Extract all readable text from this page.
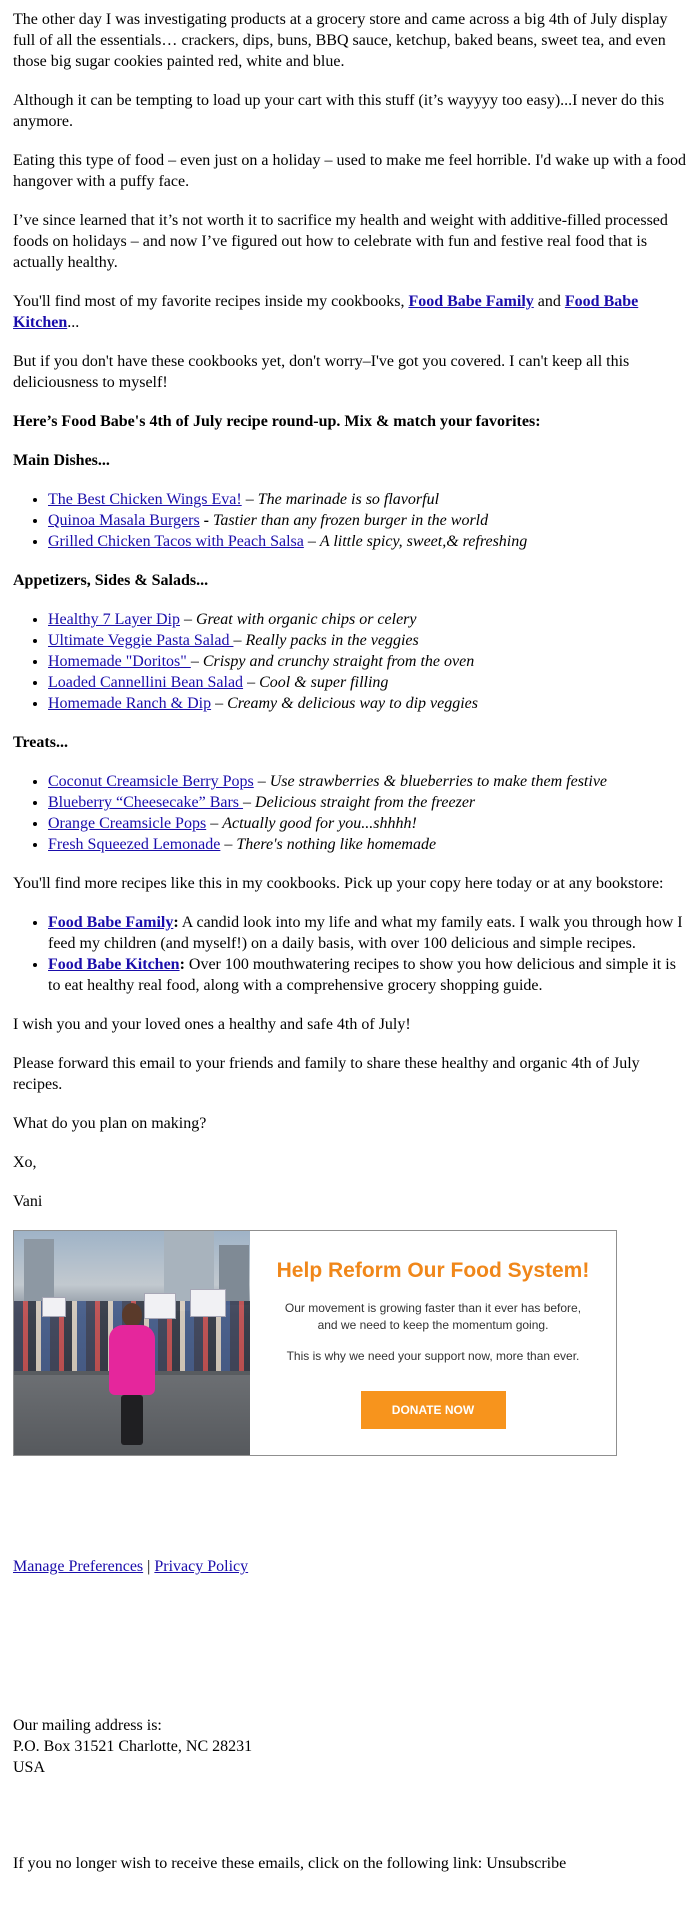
The other day I was investigating products at a grocery store and came across a big 4th of July display full of all the essentials… crackers, dips, buns, BBQ sauce, ketchup, baked beans, sweet tea, and even those big sugar cookies painted red, white and blue.

Although it can be tempting to load up your cart with this stuff (it’s wayyyy too easy)...I never do this anymore.

Eating this type of food – even just on a holiday – used to make me feel horrible. I'd wake up with a food hangover with a puffy face.

I’ve since learned that it’s not worth it to sacrifice my health and weight with additive-filled processed foods on holidays – and now I’ve figured out how to celebrate with fun and festive real food that is actually healthy.

You'll find most of my favorite recipes inside my cookbooks, Food Babe Family and Food Babe Kitchen...

But if you don't have these cookbooks yet, don't worry–I've got you covered. I can't keep all this deliciousness to myself!

Here’s Food Babe's 4th of July recipe round-up. Mix & match your favorites:
Main Dishes...
• The Best Chicken Wings Eva! – The marinade is so flavorful
• Quinoa Masala Burgers - Tastier than any frozen burger in the world
• Grilled Chicken Tacos with Peach Salsa – A little spicy, sweet,& refreshing
Appetizers, Sides & Salads...
• Healthy 7 Layer Dip – Great with organic chips or celery
• Ultimate Veggie Pasta Salad – Really packs in the veggies
• Homemade "Doritos" – Crispy and crunchy straight from the oven
• Loaded Cannellini Bean Salad – Cool & super filling
• Homemade Ranch & Dip – Creamy & delicious way to dip veggies
Treats...
• Coconut Creamsicle Berry Pops – Use strawberries & blueberries to make them festive
• Blueberry “Cheesecake” Bars – Delicious straight from the freezer
• Orange Creamsicle Pops – Actually good for you...shhhh!
• Fresh Squeezed Lemonade – There's nothing like homemade

You'll find more recipes like this in my cookbooks. Pick up your copy here today or at any bookstore:

• Food Babe Family: A candid look into my life and what my family eats. I walk you through how I feed my children (and myself!) on a daily basis, with over 100 delicious and simple recipes.
• Food Babe Kitchen: Over 100 mouthwatering recipes to show you how delicious and simple it is to eat healthy real food, along with a comprehensive grocery shopping guide.

I wish you and your loved ones a healthy and safe 4th of July!

Please forward this email to your friends and family to share these healthy and organic 4th of July recipes.

What do you plan on making?

Xo,

Vani

Help Reform Our Food System!
Our movement is growing faster than it ever has before, and we need to keep the momentum going.
This is why we need your support now, more than ever.
DONATE NOW

Manage Preferences | Privacy Policy

Our mailing address is:
P.O. Box 31521 Charlotte, NC 28231
USA

If you no longer wish to receive these emails, click on the following link: Unsubscribe
